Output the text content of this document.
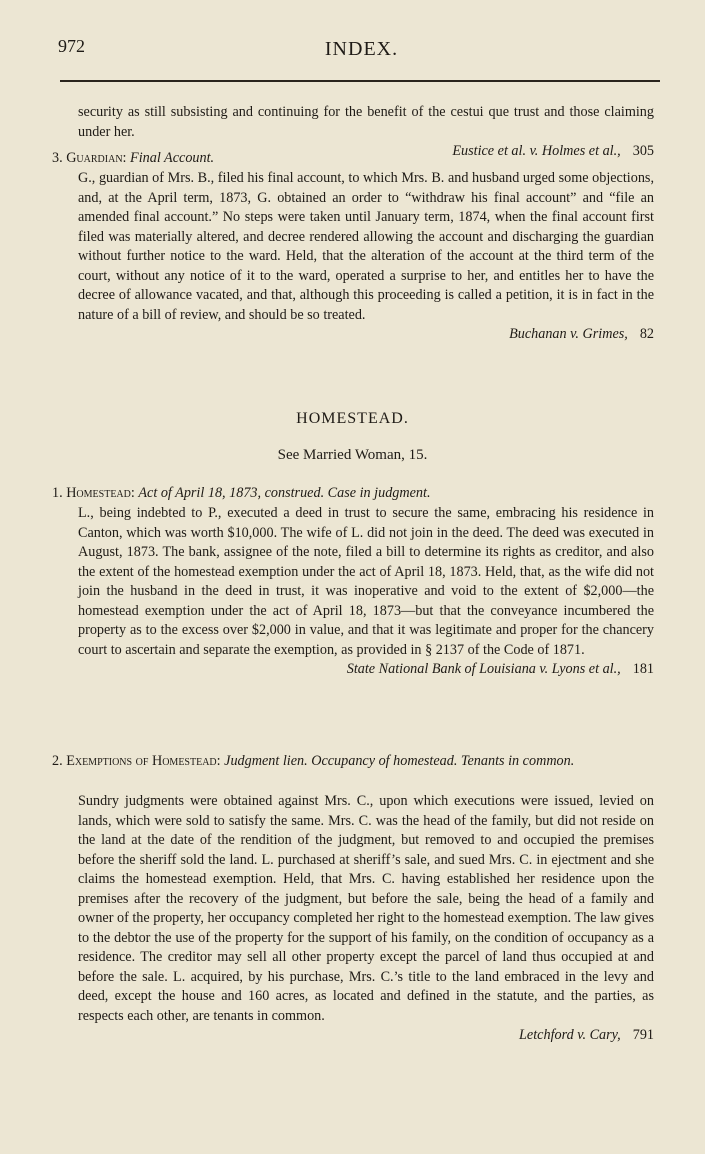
972	INDEX.
security as still subsisting and continuing for the benefit of the cestui que trust and those claiming under her.
Eustice et al. v. Holmes et al., 305
3. Guardian: Final Account.
G., guardian of Mrs. B., filed his final account, to which Mrs. B. and husband urged some objections, and, at the April term, 1873, G. obtained an order to “withdraw his final account” and “file an amended final account.” No steps were taken until January term, 1874, when the final account first filed was materially altered, and decree rendered allowing the account and discharging the guardian without further notice to the ward. Held, that the alteration of the account at the third term of the court, without any notice of it to the ward, operated a surprise to her, and entitles her to have the decree of allowance vacated, and that, although this proceeding is called a petition, it is in fact in the nature of a bill of review, and should be so treated.
Buchanan v. Grimes, 82
HOMESTEAD.
See Married Woman, 15.
1. Homestead: Act of April 18, 1873, construed. Case in judgment.
L., being indebted to P., executed a deed in trust to secure the same, embracing his residence in Canton, which was worth $10,000. The wife of L. did not join in the deed. The deed was executed in August, 1873. The bank, assignee of the note, filed a bill to determine its rights as creditor, and also the extent of the homestead exemption under the act of April 18, 1873. Held, that, as the wife did not join the husband in the deed in trust, it was inoperative and void to the extent of $2,000—the homestead exemption under the act of April 18, 1873—but that the conveyance incumbered the property as to the excess over $2,000 in value, and that it was legitimate and proper for the chancery court to ascertain and separate the exemption, as provided in § 2137 of the Code of 1871.
State National Bank of Louisiana v. Lyons et al., 181
2. Exemptions of Homestead: Judgment lien. Occupancy of homestead. Tenants in common.
Sundry judgments were obtained against Mrs. C., upon which executions were issued, levied on lands, which were sold to satisfy the same. Mrs. C. was the head of the family, but did not reside on the land at the date of the rendition of the judgment, but removed to and occupied the premises before the sheriff sold the land. L. purchased at sheriff’s sale, and sued Mrs. C. in ejectment and she claims the homestead exemption. Held, that Mrs. C. having established her residence upon the premises after the recovery of the judgment, but before the sale, being the head of a family and owner of the property, her occupancy completed her right to the homestead exemption. The law gives to the debtor the use of the property for the support of his family, on the condition of occupancy as a residence. The creditor may sell all other property except the parcel of land thus occupied at and before the sale. L. acquired, by his purchase, Mrs. C.’s title to the land embraced in the levy and deed, except the house and 160 acres, as located and defined in the statute, and the parties, as respects each other, are tenants in common.
Letchford v. Cary, 791
